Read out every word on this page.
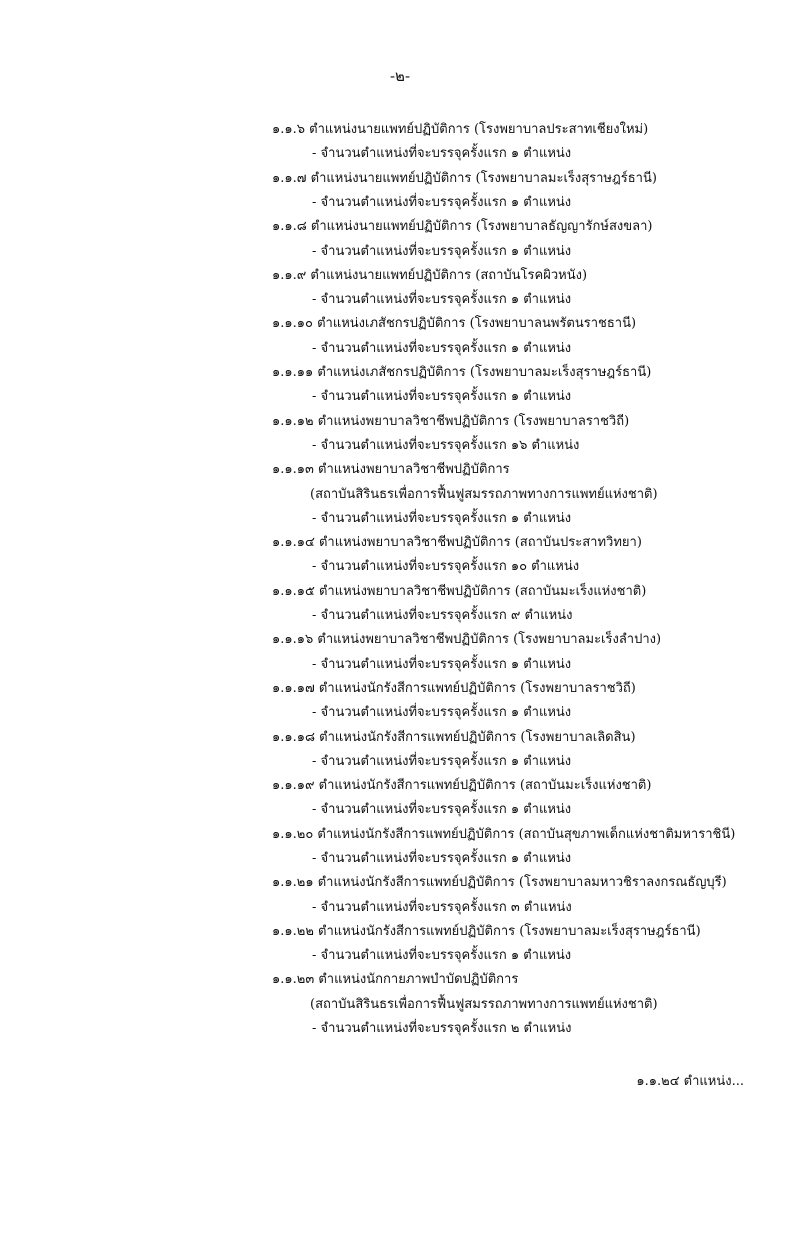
-๒-
๑.๑.๖ ตำแหน่งนายแพทย์ปฏิบัติการ (โรงพยาบาลประสาทเชียงใหม่)
- จำนวนตำแหน่งที่จะบรรจุครั้งแรก ๑ ตำแหน่ง
๑.๑.๗ ตำแหน่งนายแพทย์ปฏิบัติการ (โรงพยาบาลมะเร็งสุราษฎร์ธานี)
- จำนวนตำแหน่งที่จะบรรจุครั้งแรก ๑ ตำแหน่ง
๑.๑.๘ ตำแหน่งนายแพทย์ปฏิบัติการ (โรงพยาบาลธัญญารักษ์สงขลา)
- จำนวนตำแหน่งที่จะบรรจุครั้งแรก ๑ ตำแหน่ง
๑.๑.๙ ตำแหน่งนายแพทย์ปฏิบัติการ (สถาบันโรคผิวหนัง)
- จำนวนตำแหน่งที่จะบรรจุครั้งแรก ๑ ตำแหน่ง
๑.๑.๑๐ ตำแหน่งเภสัชกรปฏิบัติการ (โรงพยาบาลนพรัตนราชธานี)
- จำนวนตำแหน่งที่จะบรรจุครั้งแรก ๑ ตำแหน่ง
๑.๑.๑๑ ตำแหน่งเภสัชกรปฏิบัติการ (โรงพยาบาลมะเร็งสุราษฎร์ธานี)
- จำนวนตำแหน่งที่จะบรรจุครั้งแรก ๑ ตำแหน่ง
๑.๑.๑๒ ตำแหน่งพยาบาลวิชาชีพปฏิบัติการ (โรงพยาบาลราชวิถี)
- จำนวนตำแหน่งที่จะบรรจุครั้งแรก ๑๖ ตำแหน่ง
๑.๑.๑๓ ตำแหน่งพยาบาลวิชาชีพปฏิบัติการ
(สถาบันสิรินธรเพื่อการฟื้นฟูสมรรถภาพทางการแพทย์แห่งชาติ)
- จำนวนตำแหน่งที่จะบรรจุครั้งแรก ๑ ตำแหน่ง
๑.๑.๑๔ ตำแหน่งพยาบาลวิชาชีพปฏิบัติการ (สถาบันประสาทวิทยา)
- จำนวนตำแหน่งที่จะบรรจุครั้งแรก ๑๐ ตำแหน่ง
๑.๑.๑๕ ตำแหน่งพยาบาลวิชาชีพปฏิบัติการ (สถาบันมะเร็งแห่งชาติ)
- จำนวนตำแหน่งที่จะบรรจุครั้งแรก ๙ ตำแหน่ง
๑.๑.๑๖ ตำแหน่งพยาบาลวิชาชีพปฏิบัติการ (โรงพยาบาลมะเร็งลำปาง)
- จำนวนตำแหน่งที่จะบรรจุครั้งแรก ๑ ตำแหน่ง
๑.๑.๑๗ ตำแหน่งนักรังสีการแพทย์ปฏิบัติการ (โรงพยาบาลราชวิถี)
- จำนวนตำแหน่งที่จะบรรจุครั้งแรก ๑ ตำแหน่ง
๑.๑.๑๘ ตำแหน่งนักรังสีการแพทย์ปฏิบัติการ (โรงพยาบาลเลิดสิน)
- จำนวนตำแหน่งที่จะบรรจุครั้งแรก ๑ ตำแหน่ง
๑.๑.๑๙ ตำแหน่งนักรังสีการแพทย์ปฏิบัติการ (สถาบันมะเร็งแห่งชาติ)
- จำนวนตำแหน่งที่จะบรรจุครั้งแรก ๑ ตำแหน่ง
๑.๑.๒๐ ตำแหน่งนักรังสีการแพทย์ปฏิบัติการ (สถาบันสุขภาพเด็กแห่งชาติมหาราชินี)
- จำนวนตำแหน่งที่จะบรรจุครั้งแรก ๑ ตำแหน่ง
๑.๑.๒๑ ตำแหน่งนักรังสีการแพทย์ปฏิบัติการ (โรงพยาบาลมหาวชิราลงกรณธัญบุรี)
- จำนวนตำแหน่งที่จะบรรจุครั้งแรก ๓ ตำแหน่ง
๑.๑.๒๒ ตำแหน่งนักรังสีการแพทย์ปฏิบัติการ (โรงพยาบาลมะเร็งสุราษฎร์ธานี)
- จำนวนตำแหน่งที่จะบรรจุครั้งแรก ๑ ตำแหน่ง
๑.๑.๒๓ ตำแหน่งนักกายภาพบำบัดปฏิบัติการ
(สถาบันสิรินธรเพื่อการฟื้นฟูสมรรถภาพทางการแพทย์แห่งชาติ)
- จำนวนตำแหน่งที่จะบรรจุครั้งแรก ๒ ตำแหน่ง
๑.๑.๒๔ ตำแหน่ง...
